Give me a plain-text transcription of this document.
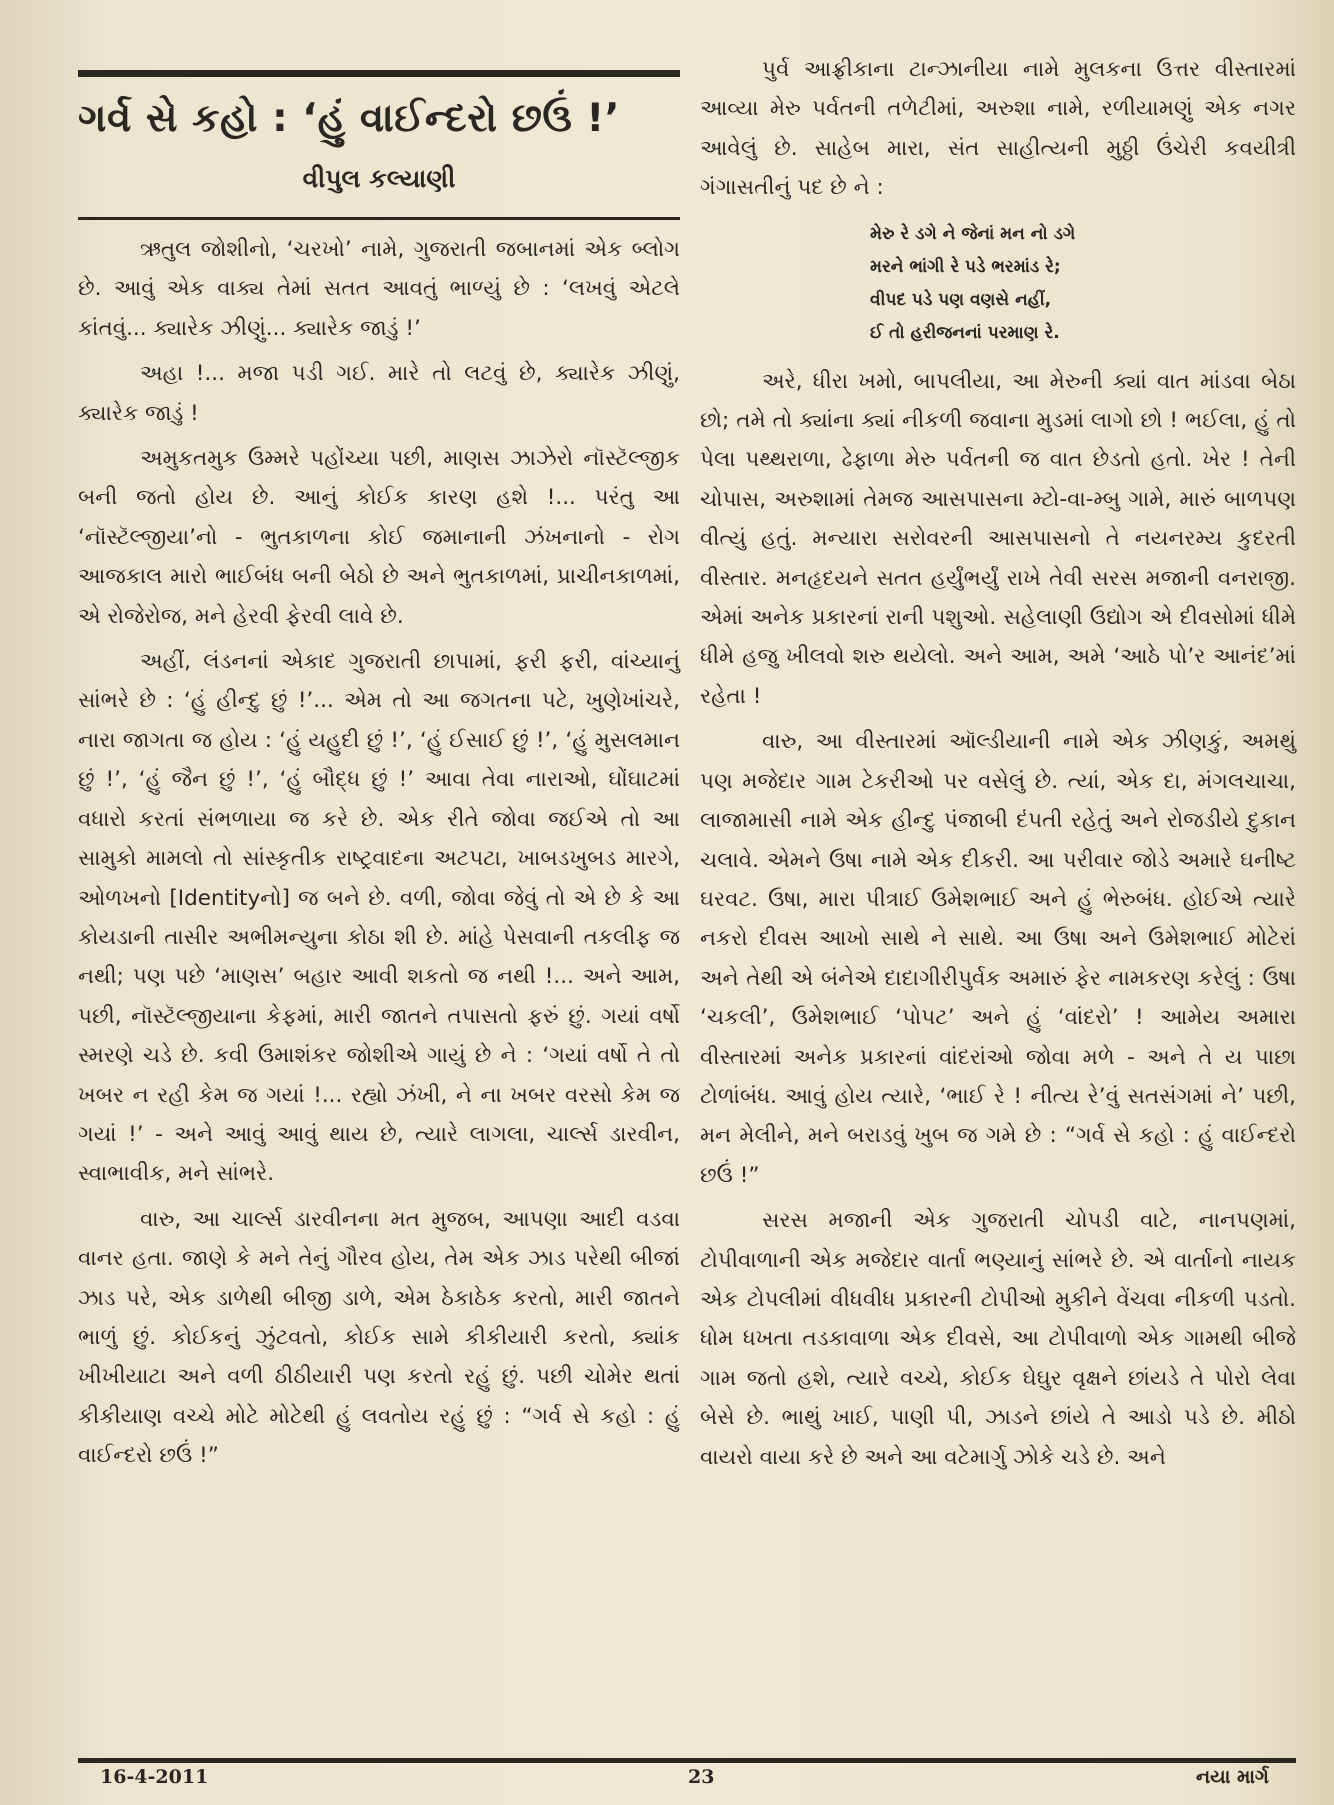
ગર્વ સે કહો : ‘હું વાઈન્દરો છઉં !’
વીપુલ કલ્યાણી

ઋતુલ જોશીનો, ‘ચરખો’ નામે, ગુજરાતી જબાનમાં એક બ્લોગ છે. આવું એક વાક્ય તેમાં સતત આવતું ભાળ્યું છે : ‘લખવું એટલે કાંતવું... ક્યારેક ઝીણું... ક્યારેક જાડું !’

અહા !... મજા પડી ગઈ. મારે તો લટવું છે, ક્યારેક ઝીણું, ક્યારેક જાડું !

અમુકતમુક ઉમ્મરે પહોંચ્યા પછી, માણસ ઝાઝેરો નૉસ્ટૅલ્જીક બની જતો હોય છે. આનું કોઈક કારણ હશે !... પરંતુ આ ‘નૉસ્ટૅલ્જીયા’નો - ભુતકાળના કોઈ જમાનાની ઝંખનાનો - રોગ આજકાલ મારો ભાઈબંધ બની બેઠો છે અને ભુતકાળમાં, પ્રાચીનકાળમાં, એ રોજેરોજ, મને હેરવી ફેરવી લાવે છે.

અહીં, લંડનનાં એકાદ ગુજરાતી છાપામાં, ફરી ફરી, વાંચ્યાનું સાંભરે છે : ‘હું હીન્દુ છું !’... એમ તો આ જગતના પટે, ખુણેખાંચરે, નારા જાગતા જ હોય : ‘હું યહુદી છું !’, ‘હું ઈસાઈ છું !’, ‘હું મુસલમાન છું !’, ‘હું જૈન છું !’, ‘હું બૌદ્ધ છું !’ આવા તેવા નારાઓ, ઘોંઘાટમાં વધારો કરતાં સંભળાયા જ કરે છે. એક રીતે જોવા જઈએ તો આ સામુકો મામલો તો સાંસ્કૃતીક રાષ્ટ્રવાદના અટપટા, ખાબડખુબડ મારગે, ઓળખનો [Identityનો] જ બને છે. વળી, જોવા જેવું તો એ છે કે આ કોયડાની તાસીર અભીમન્યુના કોઠા શી છે. માંહે પેસવાની તકલીફ જ નથી; પણ પછે ‘માણસ’ બહાર આવી શકતો જ નથી !... અને આમ, પછી, નૉસ્ટૅલ્જીયાના કેફમાં, મારી જાતને તપાસતો ફરું છું. ગયાં વર્ષો સ્મરણે ચડે છે. કવી ઉમાશંકર જોશીએ ગાયું છે ને : ‘ગયાં વર્ષો તે તો ખબર ન રહી કેમ જ ગયાં !... રહ્યો ઝંખી, ને ના ખબર વરસો કેમ જ ગયાં !’ - અને આવું આવું થાય છે, ત્યારે લાગલા, ચાર્લ્સ ડારવીન, સ્વાભાવીક, મને સાંભરે.

વારુ, આ ચાર્લ્સ ડારવીનના મત મુજબ, આપણા આદી વડવા વાનર હતા. જાણે કે મને તેનું ગૌરવ હોય, તેમ એક ઝાડ પરેથી બીજાં ઝાડ પરે, એક ડાળેથી બીજી ડાળે, એમ ઠેકાઠેક કરતો, મારી જાતને ભાળું છું. કોઈકનું ઝુંટવતો, કોઈક સામે કીકીયારી કરતો, ક્યાંક ખીખીયાટા અને વળી ઠીઠીયારી પણ કરતો રહું છું. પછી ચોમેર થતાં કીકીયાણ વચ્ચે મોટે મોટેથી હું લવતોય રહું છું : “ગર્વ સે કહો : હું વાઈન્દરો છઉં !”

પુર્વ આફ્રીકાના ટાન્ઝાનીયા નામે મુલકના ઉત્તર વીસ્તારમાં આવ્યા મેરુ પર્વતની તળેટીમાં, અરુશા નામે, રળીયામણું એક નગર આવેલું છે. સાહેબ મારા, સંત સાહીત્યની મુઠ્ઠી ઉંચેરી કવયીત્રી ગંગાસતીનું પદ છે ને :

મેરુ રે ડગે ને જેનાં મન નો ડગે
મરને ભાંગી રે પડે ભરમાંડ રે;
વીપદ પડે પણ વણસે નહીં,
ઈ તો હરીજનનાં પરમાણ રે.

અરે, ધીરા ખમો, બાપલીયા, આ મેરુની ક્યાં વાત માંડવા બેઠા છો; તમે તો ક્યાંના ક્યાં નીકળી જવાના મુડમાં લાગો છો ! ભઈલા, હું તો પેલા પથ્થરાળા, ઢેફાળા મેરુ પર્વતની જ વાત છેડતો હતો. ખેર ! તેની ચોપાસ, અરુશામાં તેમજ આસપાસના મ્ટો-વા-મ્બુ ગામે, મારું બાળપણ વીત્યું હતું. મન્યારા સરોવરની આસપાસનો તે નયનરમ્ય કુદરતી વીસ્તાર. મનહૃદયને સતત હર્યુંભર્યું રાખે તેવી સરસ મજાની વનરાજી. એમાં અનેક પ્રકારનાં રાની પશુઓ. સહેલાણી ઉદ્યોગ એ દીવસોમાં ધીમે ધીમે હજુ ખીલવો શરુ થયેલો. અને આમ, અમે ‘આઠે પો’ર આનંદ’માં રહેતા !

વારુ, આ વીસ્તારમાં ઑલ્ડીયાની નામે એક ઝીણકું, અમથું પણ મજેદાર ગામ ટેકરીઓ પર વસેલું છે. ત્યાં, એક દા, મંગલચાચા, લાજામાસી નામે એક હીન્દુ પંજાબી દંપતી રહેતું અને રોજડીયે દુકાન ચલાવે. એમને ઉષા નામે એક દીકરી. આ પરીવાર જોડે અમારે ઘનીષ્ટ ઘરવટ. ઉષા, મારા પીત્રાઈ ઉમેશભાઈ અને હું ભેરુબંધ. હોઈએ ત્યારે નકરો દીવસ આખો સાથે ને સાથે. આ ઉષા અને ઉમેશભાઈ મોટેરાં અને તેથી એ બંનેએ દાદાગીરીપુર્વક અમારું ફેર નામકરણ કરેલું : ઉષા ‘ચકલી’, ઉમેશભાઈ ‘પોપટ’ અને હું ‘વાંદરો’ ! આમેય અમારા વીસ્તારમાં અનેક પ્રકારનાં વાંદરાંઓ જોવા મળે - અને તે ય પાછા ટોળાંબંધ. આવું હોય ત્યારે, ‘ભાઈ રે ! નીત્ય રે’વું સતસંગમાં ને’ પછી, મન મેલીને, મને બરાડવું ખુબ જ ગમે છે : “ગર્વ સે કહો : હું વાઈન્દરો છઉં !”

સરસ મજાની એક ગુજરાતી ચોપડી વાટે, નાનપણમાં, ટોપીવાળાની એક મજેદાર વાર્તા ભણ્યાનું સાંભરે છે. એ વાર્તાનો નાયક એક ટોપલીમાં વીધવીધ પ્રકારની ટોપીઓ મુકીને વેંચવા નીકળી પડતો. ધોમ ધખતા તડકાવાળા એક દીવસે, આ ટોપીવાળો એક ગામથી બીજે ગામ જતો હશે, ત્યારે વચ્ચે, કોઈક ઘેઘુર વૃક્ષને છાંયડે તે પોરો લેવા બેસે છે. ભાથું ખાઈ, પાણી પી, ઝાડને છાંયે તે આડો પડે છે. મીઠો વાયરો વાયા કરે છે અને આ વટેમાર્ગુ ઝોકે ચડે છે. અને

16-4-2011	23	નયા માર્ગ
